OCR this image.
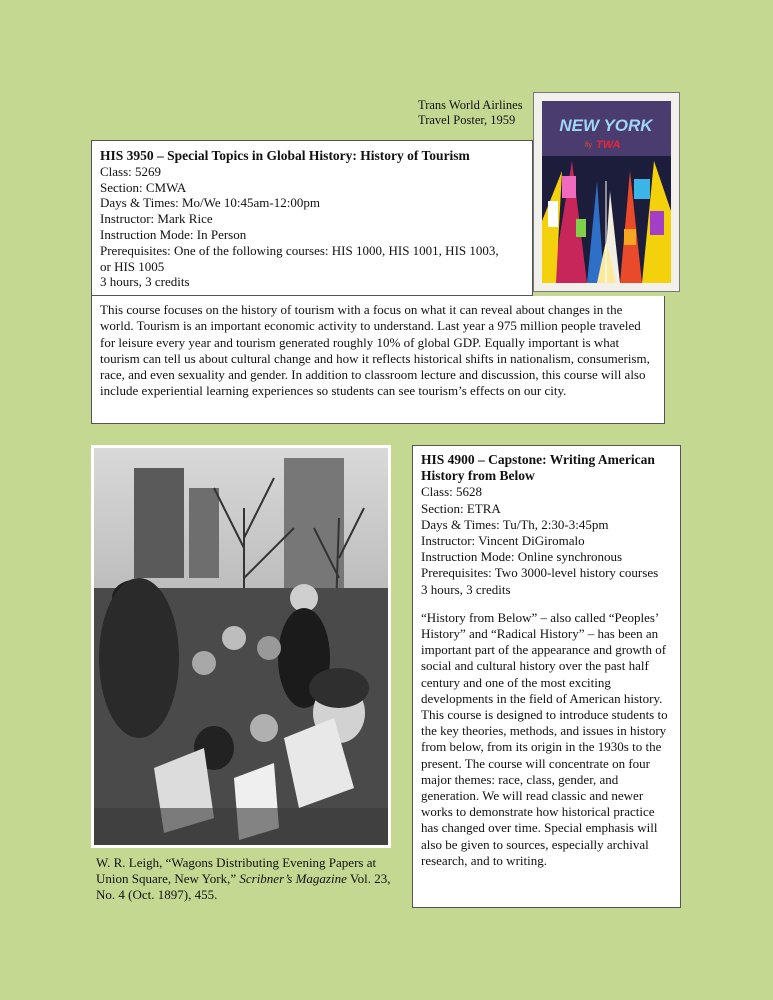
Trans World Airlines
Travel Poster, 1959	NEW YORK
fly TWA
HIS 3950 – Special Topics in Global History: History of Tourism
Class: 5269
Section: CMWA
Days & Times: Mo/We 10:45am-12:00pm
Instructor: Mark Rice
Instruction Mode: In Person
Prerequisites: One of the following courses: HIS 1000, HIS 1001, HIS 1003,
or HIS 1005
3 hours, 3 credits
This course focuses on the history of tourism with a focus on what it can reveal about changes in the world. Tourism is an important economic activity to understand. Last year a 975 million people traveled for leisure every year and tourism generated roughly 10% of global GDP. Equally important is what tourism can tell us about cultural change and how it reflects historical shifts in nationalism, consumerism, race, and even sexuality and gender. In addition to classroom lecture and discussion, this course will also include experiential learning experiences so students can see tourism’s effects on our city.
W. R. Leigh, “Wagons Distributing Evening Papers at Union Square, New York,” Scribner’s Magazine Vol. 23, No. 4 (Oct. 1897), 455.
HIS 4900 – Capstone: Writing American History from Below
Class: 5628
Section: ETRA
Days & Times: Tu/Th, 2:30-3:45pm
Instructor: Vincent DiGiromalo
Instruction Mode: Online synchronous
Prerequisites: Two 3000-level history courses
3 hours, 3 credits
“History from Below” – also called “Peoples’ History” and “Radical History” – has been an important part of the appearance and growth of social and cultural history over the past half century and one of the most exciting developments in the field of American history. This course is designed to introduce students to the key theories, methods, and issues in history from below, from its origin in the 1930s to the present. The course will concentrate on four major themes: race, class, gender, and generation. We will read classic and newer works to demonstrate how historical practice has changed over time. Special emphasis will also be given to sources, especially archival research, and to writing.
